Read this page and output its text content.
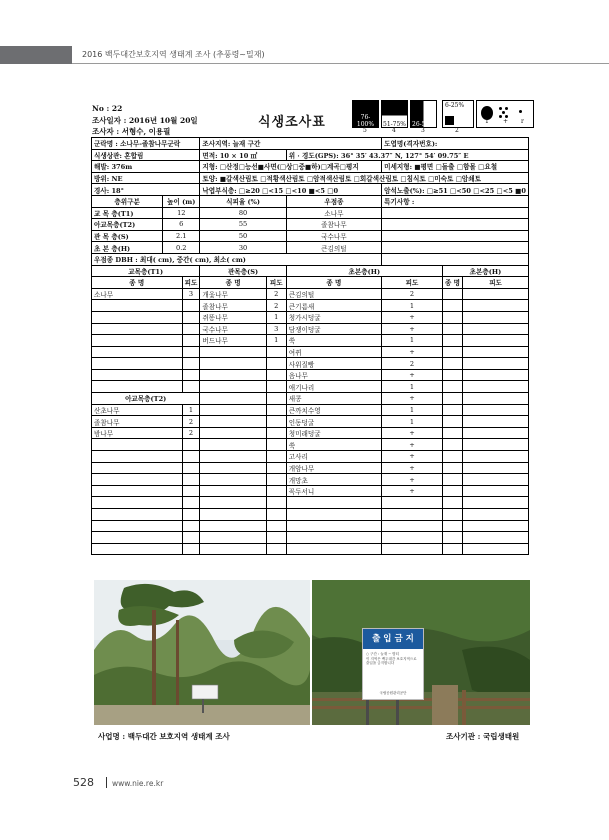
2016 백두대간보호지역 생태계 조사 (추풍령~밀재)
No : 22
조사일자 : 2016년 10월 20일
조사자 : 서형수, 이용필
식생조사표	76-100%	51-75% 26-50%
6-25%
5	4	3	2
1 + r
군락명 : 소나무-졸참나무군락			조사지역: 늘재 구간			도엽명(격자번호):		
식생상관: 혼합림			면적: 10 × 10 ㎡		위 · 경도(GPS): 36° 35′ 43.37″ N, 127° 54′ 09.75″ E			
해발: 376m			지형: □산정□능선■사면(□상□중■하)□계곡□평지			미세지형: ■평면 □돌출 □함몰 □요철		
방위: NE			토양: ■갈색산림토 □적황색산림토 □암적색산림토 □회갈색산림토 □침식토 □미숙토 □암쇄토					
경사: 18°			낙엽부식층: □≥20 □<15 □<10 ■<5 □0			암석노출(%): □≥51 □<50 □<25 □<5 ■0		
층위구분	높이 (m)		식피율 (%)		우점종	특기사항 :		
교 목 층(T1)	12		80		소나무			
아교목층(T2)	6		55		졸참나무			
관 목 층(S)	2.1		50		국수나무			
초 본 층(H)	0.2		30		큰김의털			
우점종 DBH : 최대( cm), 중간( cm), 최소( cm)								
교목층(T1)			관목층(S)		초본층(H)		초본층(H)	
종 명		피도	종 명	피도	종 명	피도	종 명	피도
소나무		3	개옻나무	2	큰김의털	2		
			졸참나무	2	큰기름새	1		
			쥐똥나무	1	청가시덩굴	+		
			국수나무	3	담쟁이덩굴	+		
			버드나무	1	쑥	1		
					여뀌	+		
					사위질빵	2		
					음나무	+		
					애기나리	1		
아교목층(T2)					새콩	+		
산초나무		1			큰까치수영	1		
졸참나무		2			인동덩굴	1		
밤나무		2			청미래덩굴	+		
					쑥	+		
					고사리	+		
					개암나무	+		
					개망초	+		
					꼭두서니	+		

출 입 금 지
○ 구간 : 늘재 ~ 밤티
이 지역은 백두대간 보호지역으로 출입을 금지합니다
국립공원관리공단
사업명 : 백두대간 보호지역 생태계 조사	조사기관 : 국립생태원
528 www.nie.re.kr
